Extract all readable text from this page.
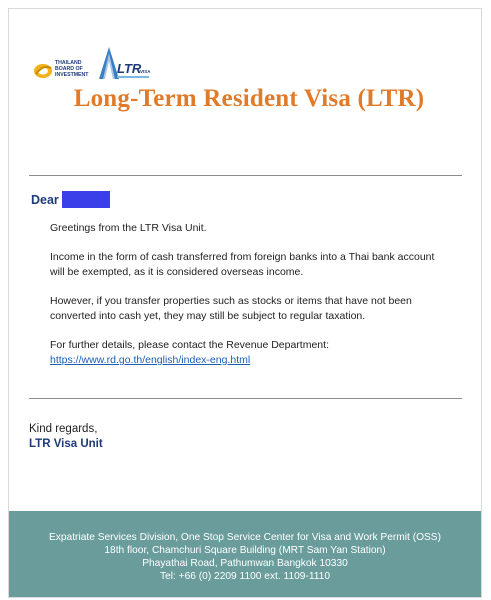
THAILAND
BOARD OF
INVESTMENT LTR
VISA
Long-Term Resident Visa (LTR)
Dear

Greetings from the LTR Visa Unit.

Income in the form of cash transferred from foreign banks into a Thai bank account will be exempted, as it is considered overseas income.

However, if you transfer properties such as stocks or items that have not been converted into cash yet, they may still be subject to regular taxation.

For further details, please contact the Revenue Department:
https://www.rd.go.th/english/index-eng.html

Kind regards,
LTR Visa Unit
Expatriate Services Division, One Stop Service Center for Visa and Work Permit (OSS)
18th floor, Chamchuri Square Building (MRT Sam Yan Station)
Phayathai Road, Pathumwan Bangkok 10330
Tel: +66 (0) 2209 1100 ext. 1109-1110
